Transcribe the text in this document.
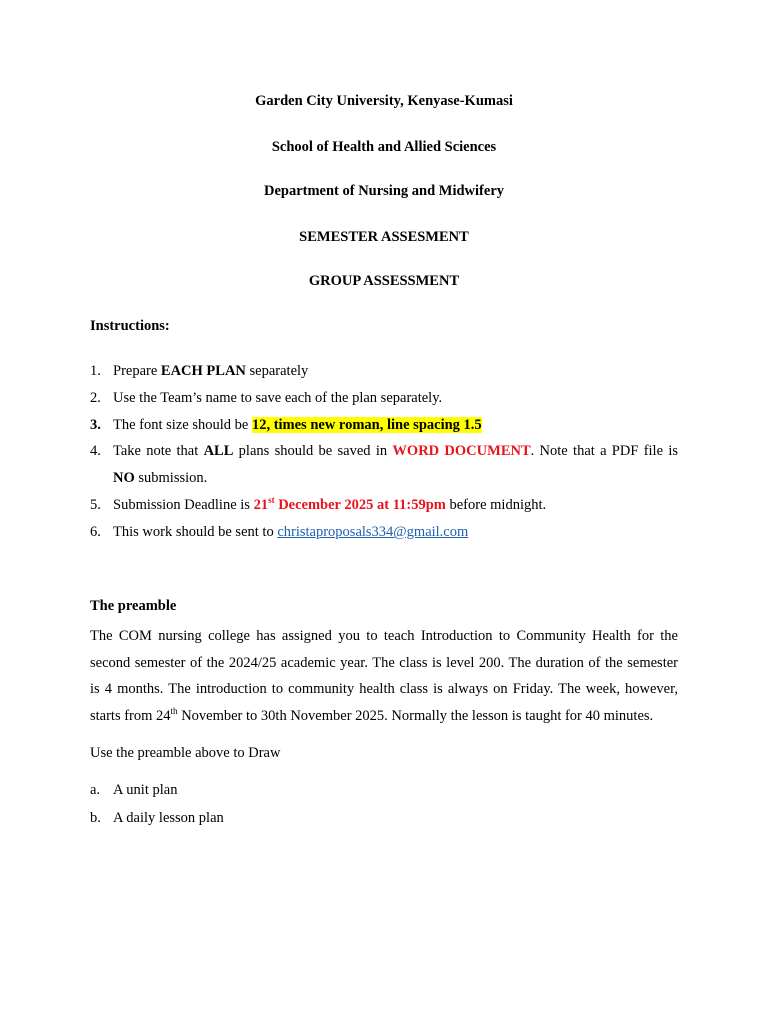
Garden City University, Kenyase-Kumasi
School of Health and Allied Sciences
Department of Nursing and Midwifery
SEMESTER ASSESMENT
GROUP ASSESSMENT
Instructions:
1. Prepare EACH PLAN separately
2. Use the Team’s name to save each of the plan separately.
3. The font size should be 12, times new roman, line spacing 1.5
4. Take note that ALL plans should be saved in WORD DOCUMENT. Note that a PDF file is
NO submission.
5. Submission Deadline is 21st December 2025 at 11:59pm before midnight.
6. This work should be sent to christaproposals334@gmail.com
The preamble
The COM nursing college has assigned you to teach Introduction to Community Health for the
second semester of the 2024/25 academic year. The class is level 200. The duration of the semester
is 4 months. The introduction to community health class is always on Friday. The week, however,
starts from 24th November to 30th November 2025. Normally the lesson is taught for 40 minutes.
Use the preamble above to Draw
a. A unit plan
b. A daily lesson plan
